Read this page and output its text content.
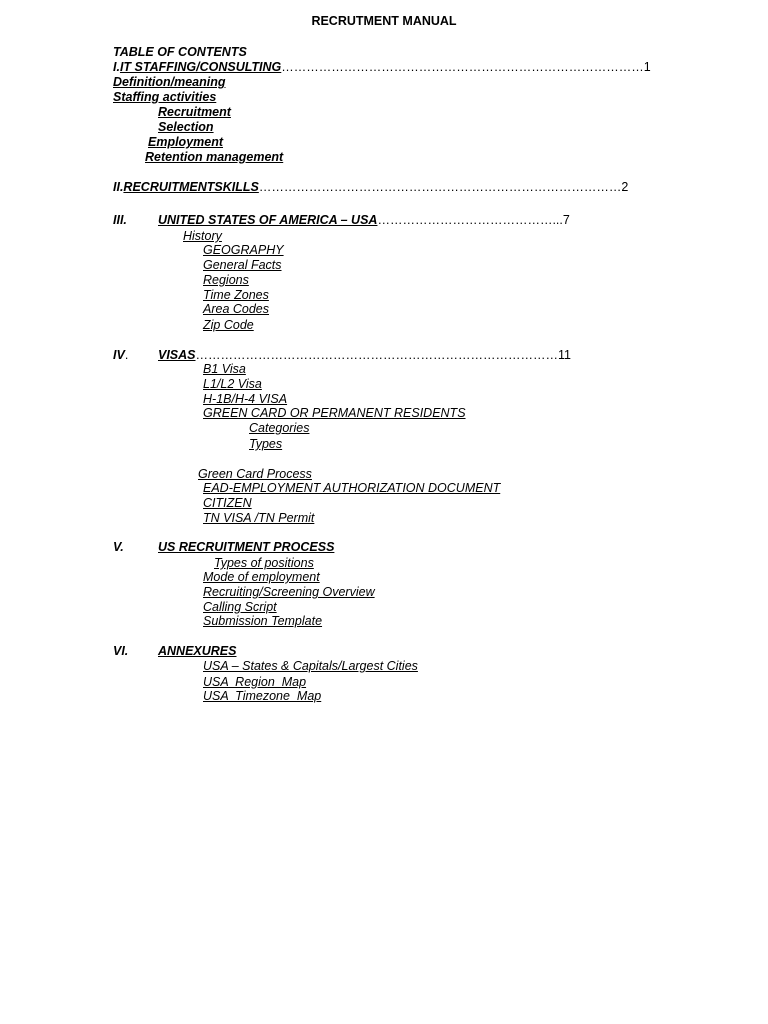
RECRUTMENT MANUAL
TABLE OF CONTENTS
I.IT STAFFING/CONSULTING……………………………………………………………………………1
Definition/meaning
Staffing activities
Recruitment
Selection
Employment
Retention management
II.RECRUITMENTSKILLS……………………………………………………………………………2
III. UNITED STATES OF AMERICA – USA……………………………………...7
History
GEOGRAPHY
General Facts
Regions
Time Zones
Area Codes
Zip Code
IV. VISAS……………………………………………………………………………11
B1 Visa
L1/L2 Visa
H-1B/H-4 VISA
GREEN CARD OR PERMANENT RESIDENTS
Categories
Types
Green Card Process
EAD-EMPLOYMENT AUTHORIZATION DOCUMENT
CITIZEN
TN VISA /TN Permit
V.	US RECRUITMENT PROCESS
Types of positions
Mode of employment
Recruiting/Screening Overview
Calling Script
Submission Template
VI. ANNEXURES
USA – States & Capitals/Largest Cities
USA  Region  Map
USA  Timezone  Map
